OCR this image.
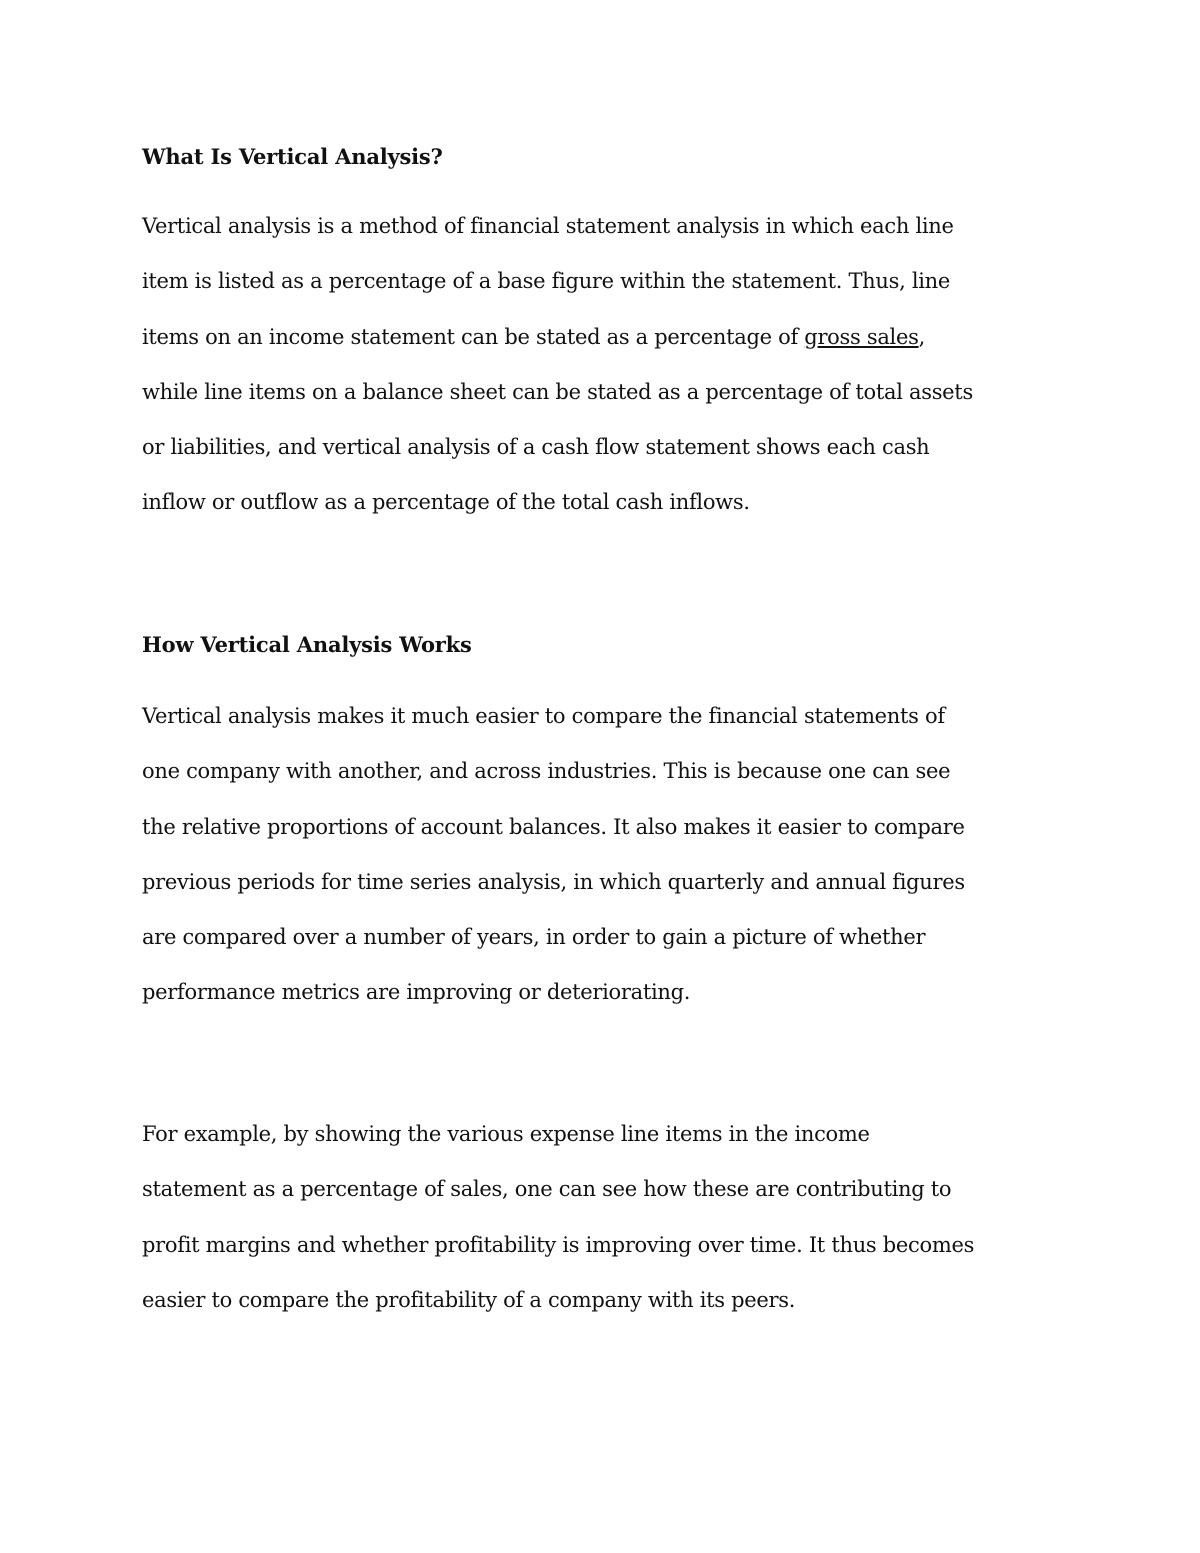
What Is Vertical Analysis?

Vertical analysis is a method of financial statement analysis in which each line
item is listed as a percentage of a base figure within the statement. Thus, line
items on an income statement can be stated as a percentage of gross sales,
while line items on a balance sheet can be stated as a percentage of total assets
or liabilities, and vertical analysis of a cash flow statement shows each cash
inflow or outflow as a percentage of the total cash inflows.

How Vertical Analysis Works

Vertical analysis makes it much easier to compare the financial statements of
one company with another, and across industries. This is because one can see
the relative proportions of account balances. It also makes it easier to compare
previous periods for time series analysis, in which quarterly and annual figures
are compared over a number of years, in order to gain a picture of whether
performance metrics are improving or deteriorating.

For example, by showing the various expense line items in the income
statement as a percentage of sales, one can see how these are contributing to
profit margins and whether profitability is improving over time. It thus becomes
easier to compare the profitability of a company with its peers.
